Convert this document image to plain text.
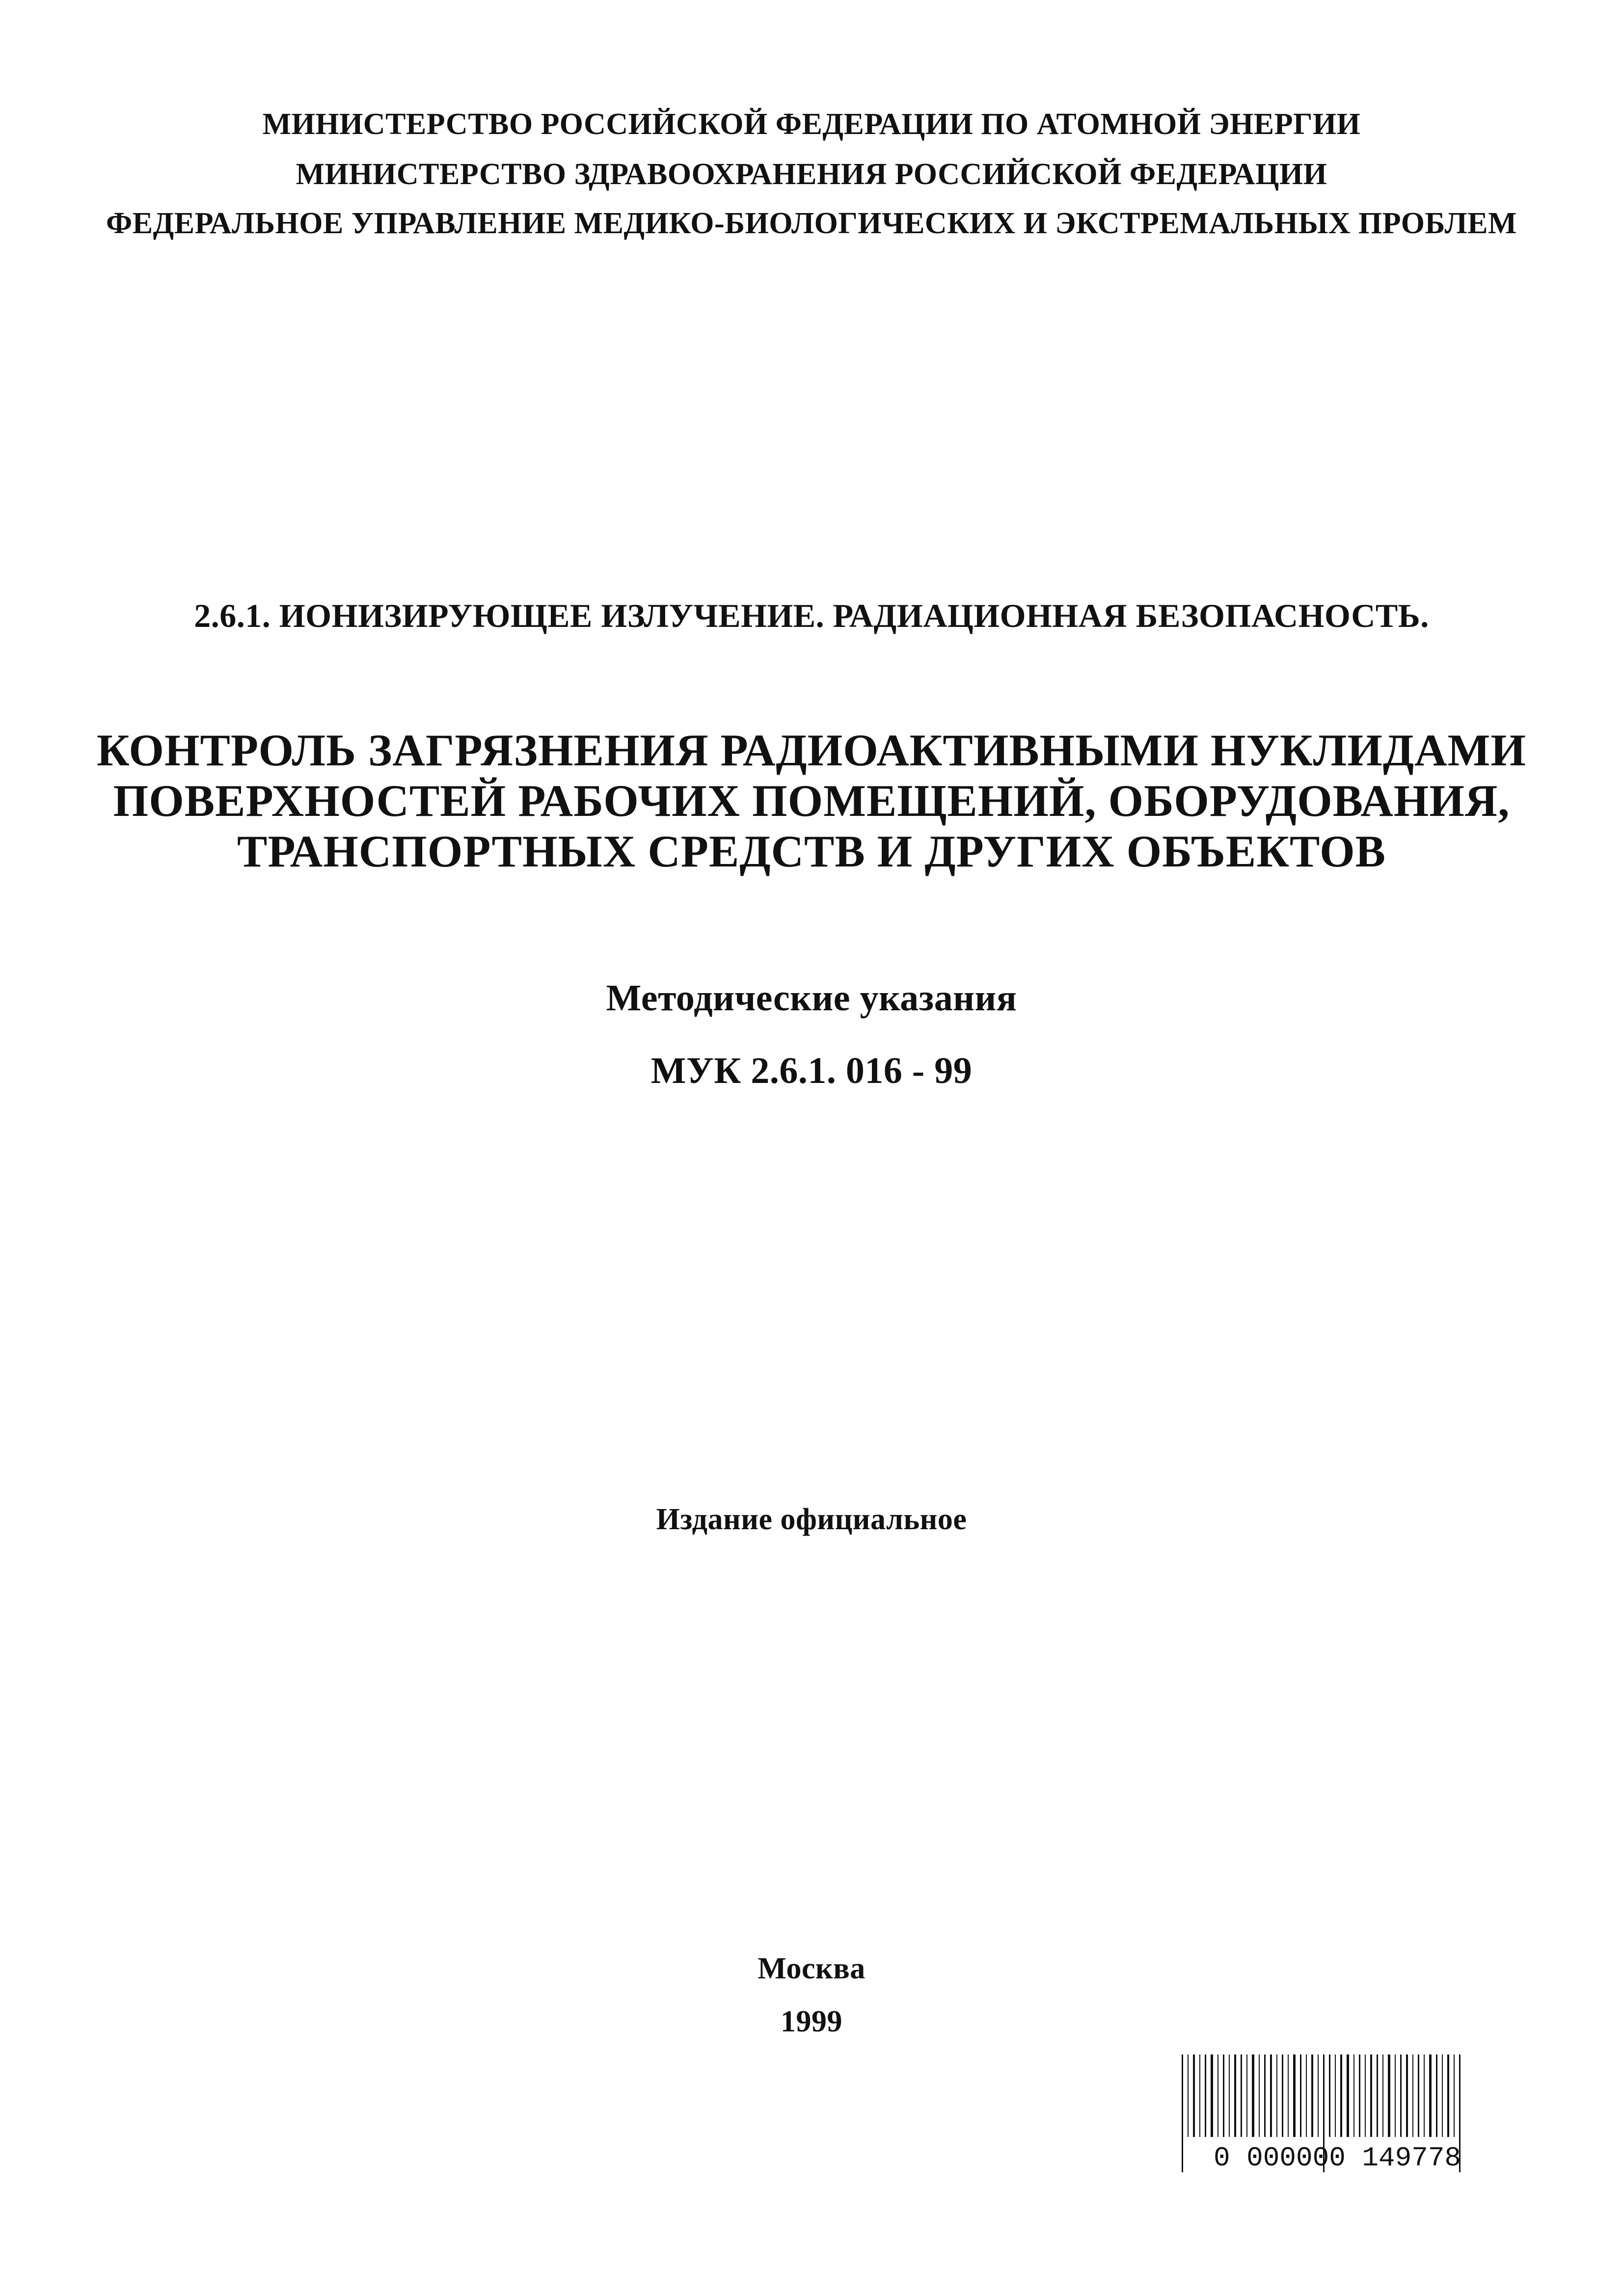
МИНИСТЕРСТВО РОССИЙСКОЙ ФЕДЕРАЦИИ ПО АТОМНОЙ ЭНЕРГИИ
МИНИСТЕРСТВО ЗДРАВООХРАНЕНИЯ РОССИЙСКОЙ ФЕДЕРАЦИИ
ФЕДЕРАЛЬНОЕ УПРАВЛЕНИЕ МЕДИКО-БИОЛОГИЧЕСКИХ И ЭКСТРЕМАЛЬНЫХ ПРОБЛЕМ
2.6.1. ИОНИЗИРУЮЩЕЕ ИЗЛУЧЕНИЕ. РАДИАЦИОННАЯ БЕЗОПАСНОСТЬ.
КОНТРОЛЬ ЗАГРЯЗНЕНИЯ РАДИОАКТИВНЫМИ НУКЛИДАМИ
ПОВЕРХНОСТЕЙ РАБОЧИХ ПОМЕЩЕНИЙ, ОБОРУДОВАНИЯ,
ТРАНСПОРТНЫХ СРЕДСТВ И ДРУГИХ ОБЪЕКТОВ
Методические указания
МУК 2.6.1. 016 - 99
Издание официальное
Москва
1999
0 000000 149778
